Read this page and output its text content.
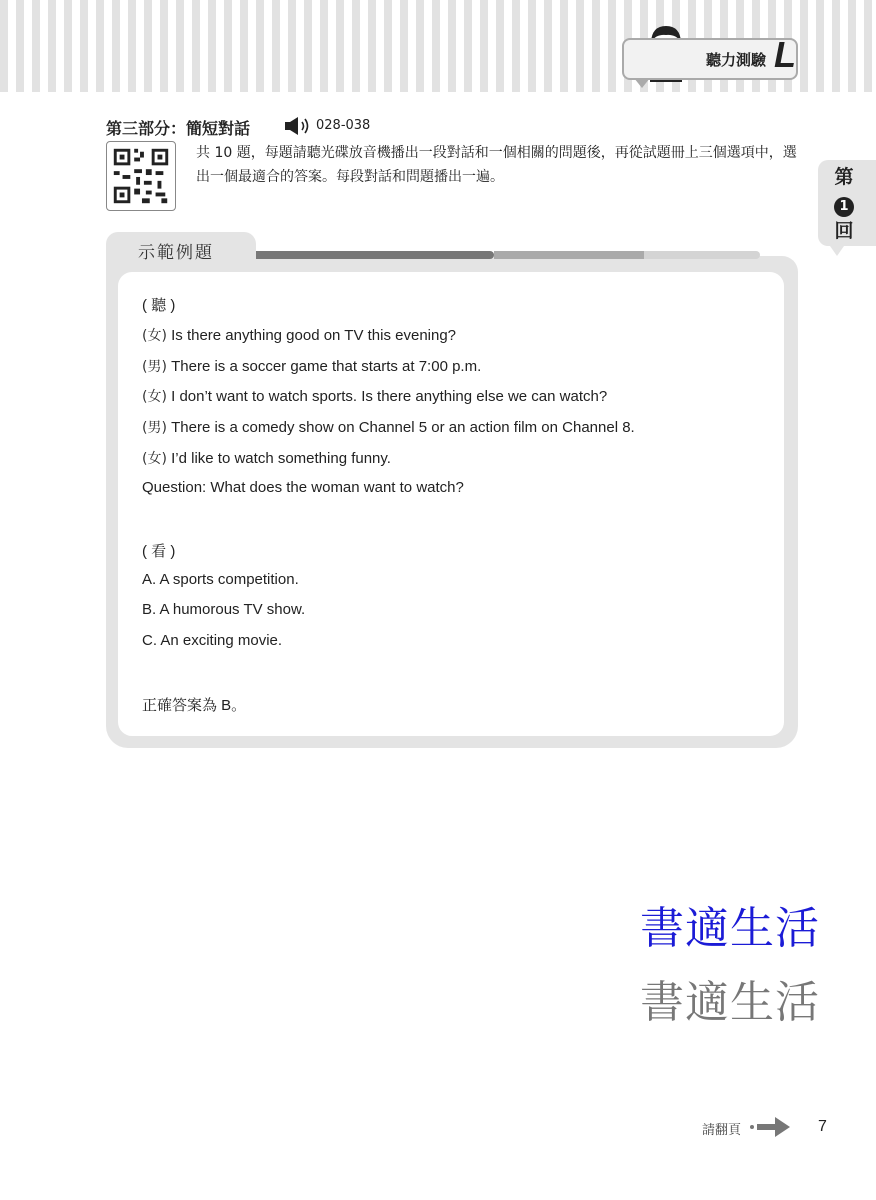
聽力測驗 L
第
1
回
第三部分：簡短對話	028-038
共 10 題，每題請聽光碟放音機播出一段對話和一個相關的問題後，再從試題冊上三個選項中，選出一個最適合的答案。每段對話和問題播出一遍。
( 聽 )
(女) Is there anything good on TV this evening?
(男) There is a soccer game that starts at 7:00 p.m.
(女) I don’t want to watch sports. Is there anything else we can watch?
(男) There is a comedy show on Channel 5 or an action film on Channel 8.
(女) I’d like to watch something funny.
Question: What does the woman want to watch?
( 看 )
A. A sports competition.
B. A humorous TV show.
C. An exciting movie.
正確答案為 B。
示範例題
書適生活
書適生活
請翻頁	7
